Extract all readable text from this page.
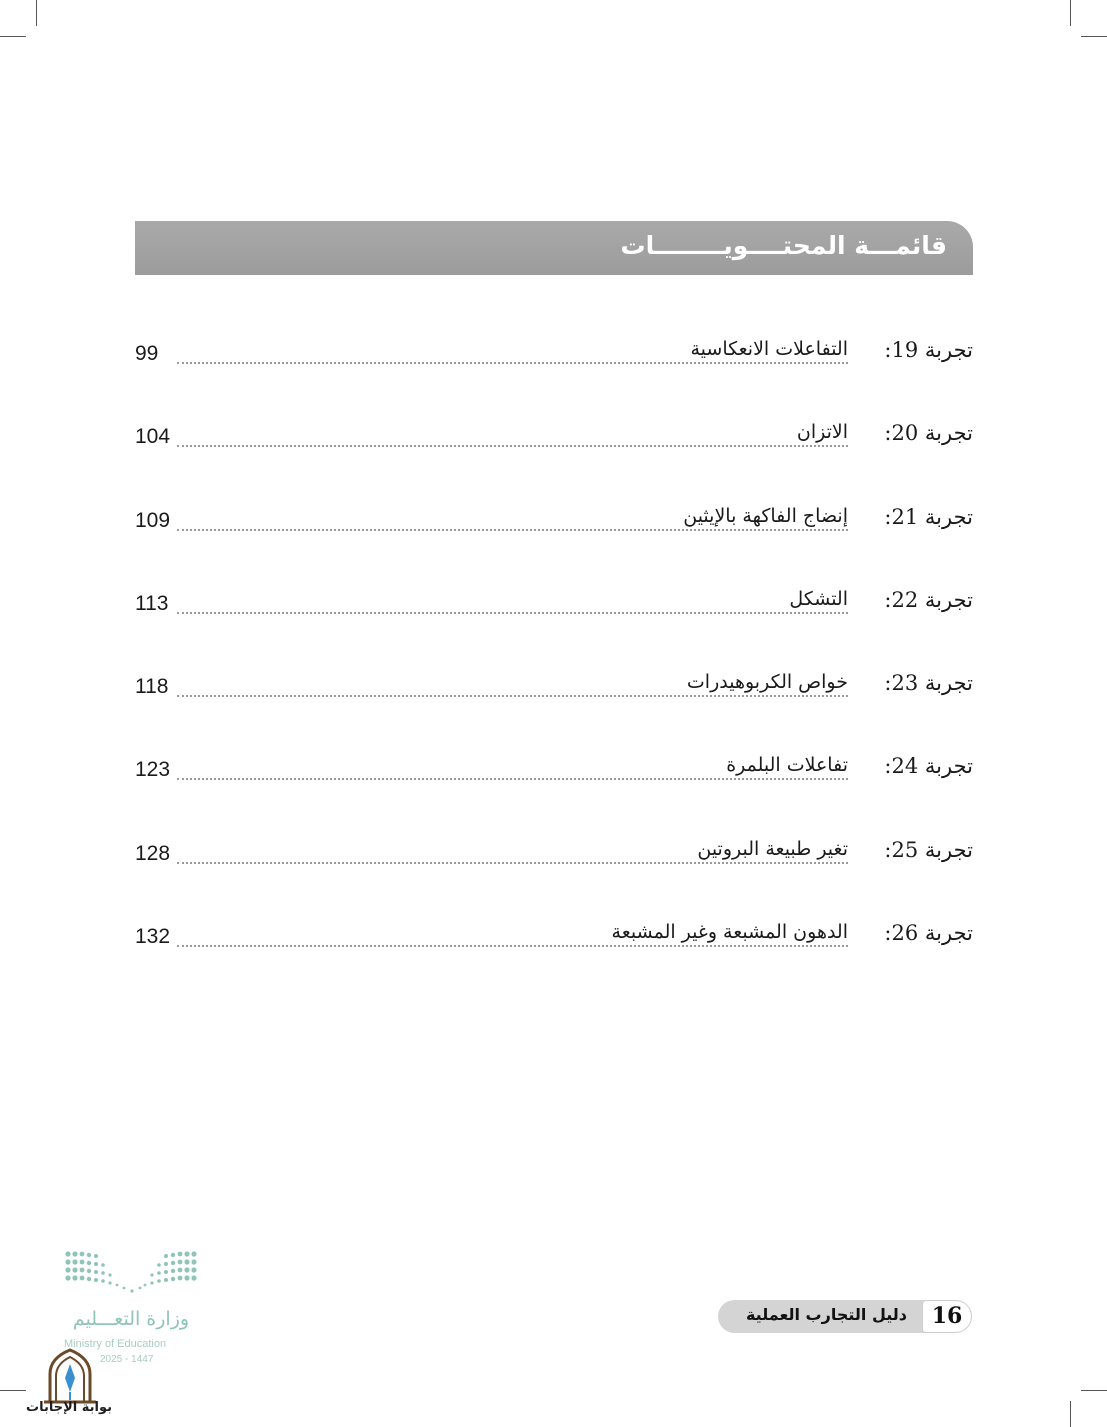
قائمـــة المحتــــويــــــــات
تجربة 19:
التفاعلات الانعكاسية
99
تجربة 20:
الاتزان
104
تجربة 21:
إنضاج الفاكهة بالإيثين
109
تجربة 22:
التشكل
113
تجربة 23:
خواص الكربوهيدرات
118
تجربة 24:
تفاعلات البلمرة
123
تجربة 25:
تغير طبيعة البروتين
128
تجربة 26:
الدهون المشبعة وغير المشبعة
132
وزارة التعـــليم
Ministry of Education
2025 - 1447
بوابة الإجابات
دليل التجارب العملية	16
